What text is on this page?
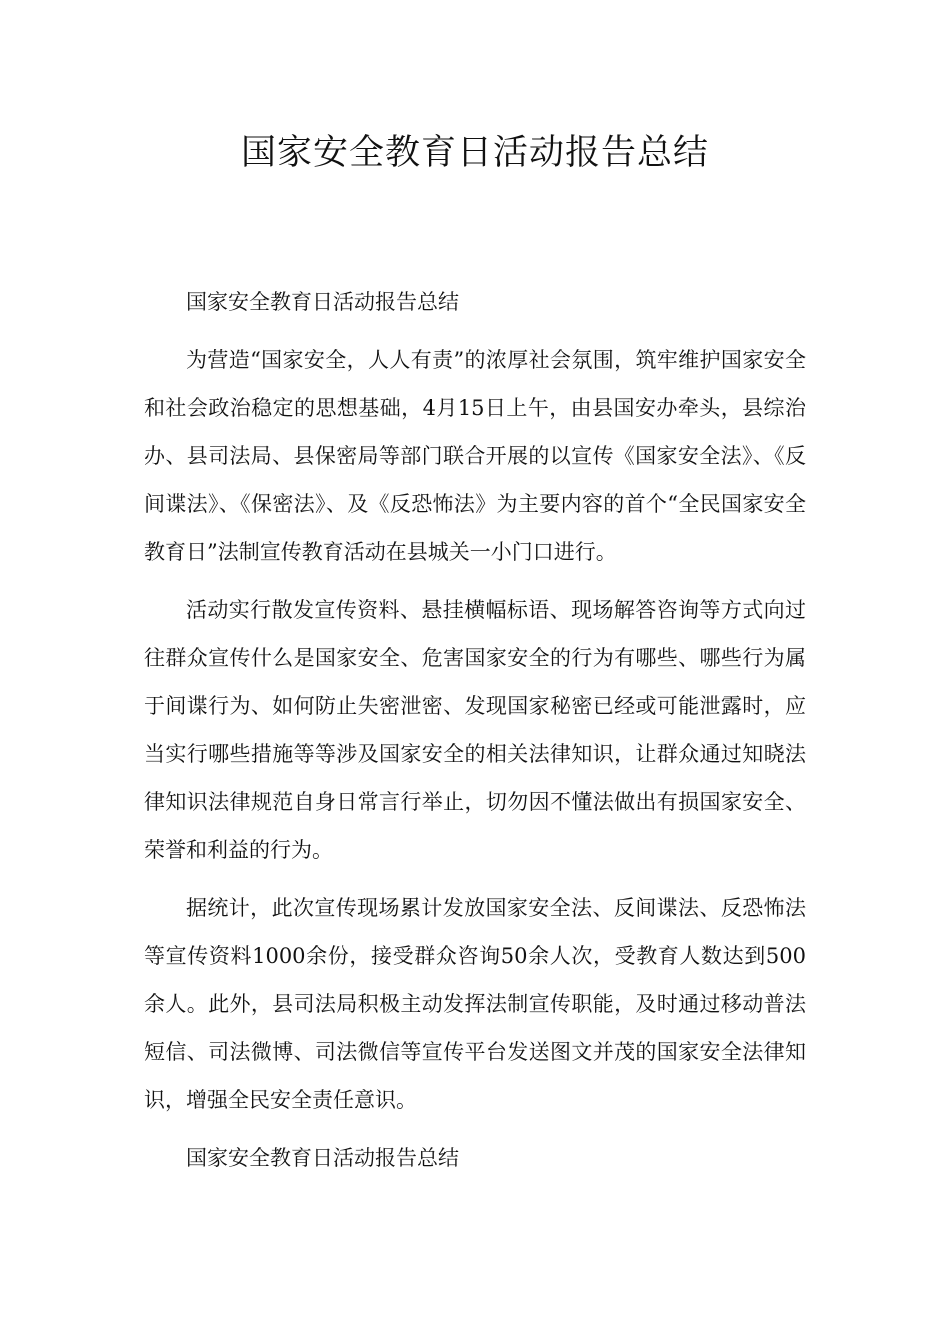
国家安全教育日活动报告总结

国家安全教育日活动报告总结

为营造“国家安全，人人有责”的浓厚社会氛围，筑牢维护国家安全和社会政治稳定的思想基础，4月15日上午，由县国安办牵头，县综治办、县司法局、县保密局等部门联合开展的以宣传《国家安全法》、《反间谍法》、《保密法》、及《反恐怖法》为主要内容的首个“全民国家安全教育日”法制宣传教育活动在县城关一小门口进行。

活动实行散发宣传资料、悬挂横幅标语、现场解答咨询等方式向过往群众宣传什么是国家安全、危害国家安全的行为有哪些、哪些行为属于间谍行为、如何防止失密泄密、发现国家秘密已经或可能泄露时，应当实行哪些措施等等涉及国家安全的相关法律知识，让群众通过知晓法律知识法律规范自身日常言行举止，切勿因不懂法做出有损国家安全、荣誉和利益的行为。

据统计，此次宣传现场累计发放国家安全法、反间谍法、反恐怖法等宣传资料1000余份，接受群众咨询50余人次，受教育人数达到500余人。此外，县司法局积极主动发挥法制宣传职能，及时通过移动普法短信、司法微博、司法微信等宣传平台发送图文并茂的国家安全法律知识，增强全民安全责任意识。

国家安全教育日活动报告总结
